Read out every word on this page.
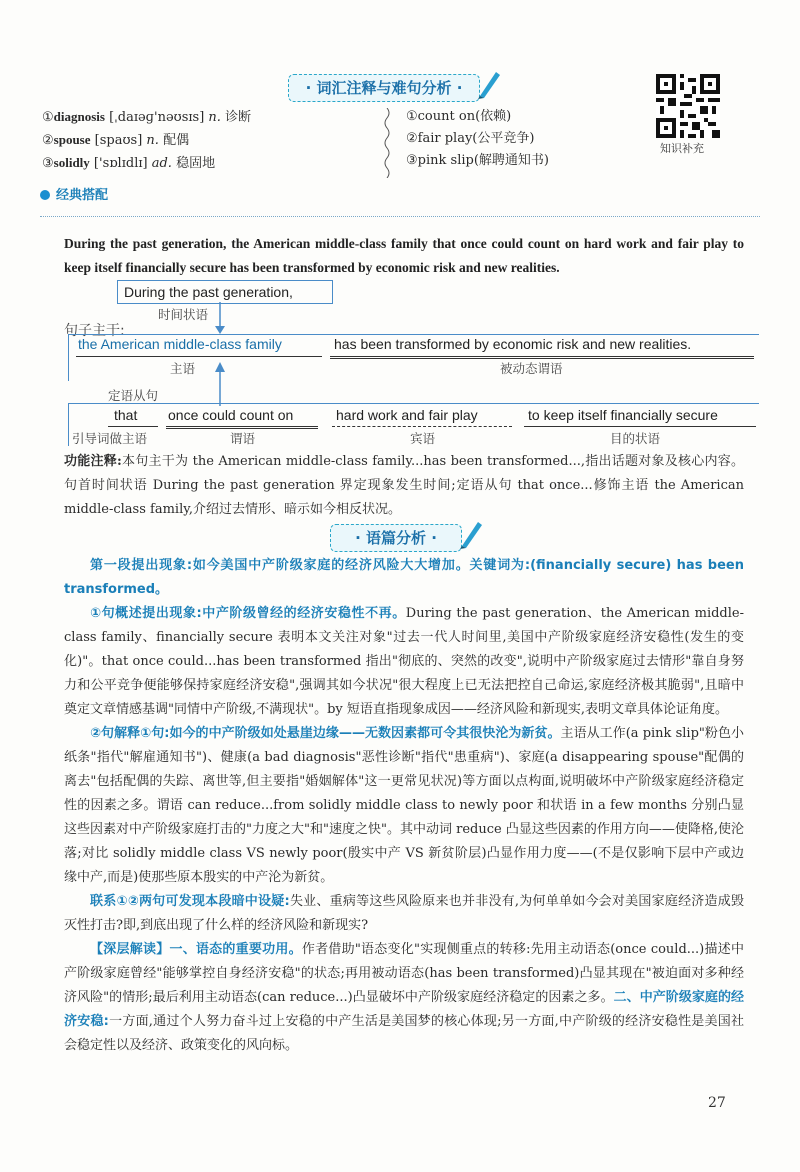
· 词汇注释与难句分析 ·
①diagnosis [ˌdaɪəɡ'nəʊsɪs] n. 诊断
②spouse [spaʊs] n. 配偶
③solidly ['sɒlɪdlɪ] ad. 稳固地
①count on(依赖)
②fair play(公平竞争)
③pink slip(解聘通知书)
知识补充
经典搭配
During the past generation, the American middle-class family that once could count on hard work and fair play to keep itself financially secure has been transformed by economic risk and new realities.
During the past generation,
时间状语
句子主干:
the American middle-class family
主语
has been transformed by economic risk and new realities.
被动态谓语
定语从句
that
引导词做主语
once could count on
谓语
hard work and fair play
宾语
to keep itself financially secure
目的状语

功能注释:本句主干为 the American middle-class family...has been transformed...,指出话题对象及核心内容。句首时间状语 During the past generation 界定现象发生时间;定语从句 that once...修饰主语 the American middle-class family,介绍过去情形、暗示如今相反状况。

· 语篇分析 ·

第一段提出现象:如今美国中产阶级家庭的经济风险大大增加。关键词为:(financially secure) has been transformed。

①句概述提出现象:中产阶级曾经的经济安稳性不再。During the past generation、the American middle-class family、financially secure 表明本文关注对象"过去一代人时间里,美国中产阶级家庭经济安稳性(发生的变化)"。that once could...has been transformed 指出"彻底的、突然的改变",说明中产阶级家庭过去情形"靠自身努力和公平竞争便能够保持家庭经济安稳",强调其如今状况"很大程度上已无法把控自己命运,家庭经济极其脆弱",且暗中奠定文章情感基调"同情中产阶级,不满现状"。by 短语直指现象成因——经济风险和新现实,表明文章具体论证角度。

②句解释①句:如今的中产阶级如处悬崖边缘——无数因素都可令其很快沦为新贫。主语从工作(a pink slip"粉色小纸条"指代"解雇通知书")、健康(a bad diagnosis"恶性诊断"指代"患重病")、家庭(a disappearing spouse"配偶的离去"包括配偶的失踪、离世等,但主要指"婚姻解体"这一更常见状况)等方面以点构面,说明破坏中产阶级家庭经济稳定性的因素之多。谓语 can reduce...from solidly middle class to newly poor 和状语 in a few months 分别凸显这些因素对中产阶级家庭打击的"力度之大"和"速度之快"。其中动词 reduce 凸显这些因素的作用方向——使降格,使沦落;对比 solidly middle class VS newly poor(殷实中产 VS 新贫阶层)凸显作用力度——(不是仅影响下层中产或边缘中产,而是)使那些原本殷实的中产沦为新贫。

联系①②两句可发现本段暗中设疑:失业、重病等这些风险原来也并非没有,为何单单如今会对美国家庭经济造成毁灭性打击?即,到底出现了什么样的经济风险和新现实?

【深层解读】一、语态的重要功用。作者借助"语态变化"实现侧重点的转移:先用主动语态(once could...)描述中产阶级家庭曾经"能够掌控自身经济安稳"的状态;再用被动语态(has been transformed)凸显其现在"被迫面对多种经济风险"的情形;最后利用主动语态(can reduce...)凸显破坏中产阶级家庭经济稳定的因素之多。二、中产阶级家庭的经济安稳:一方面,通过个人努力奋斗过上安稳的中产生活是美国梦的核心体现;另一方面,中产阶级的经济安稳性是美国社会稳定性以及经济、政策变化的风向标。

27
